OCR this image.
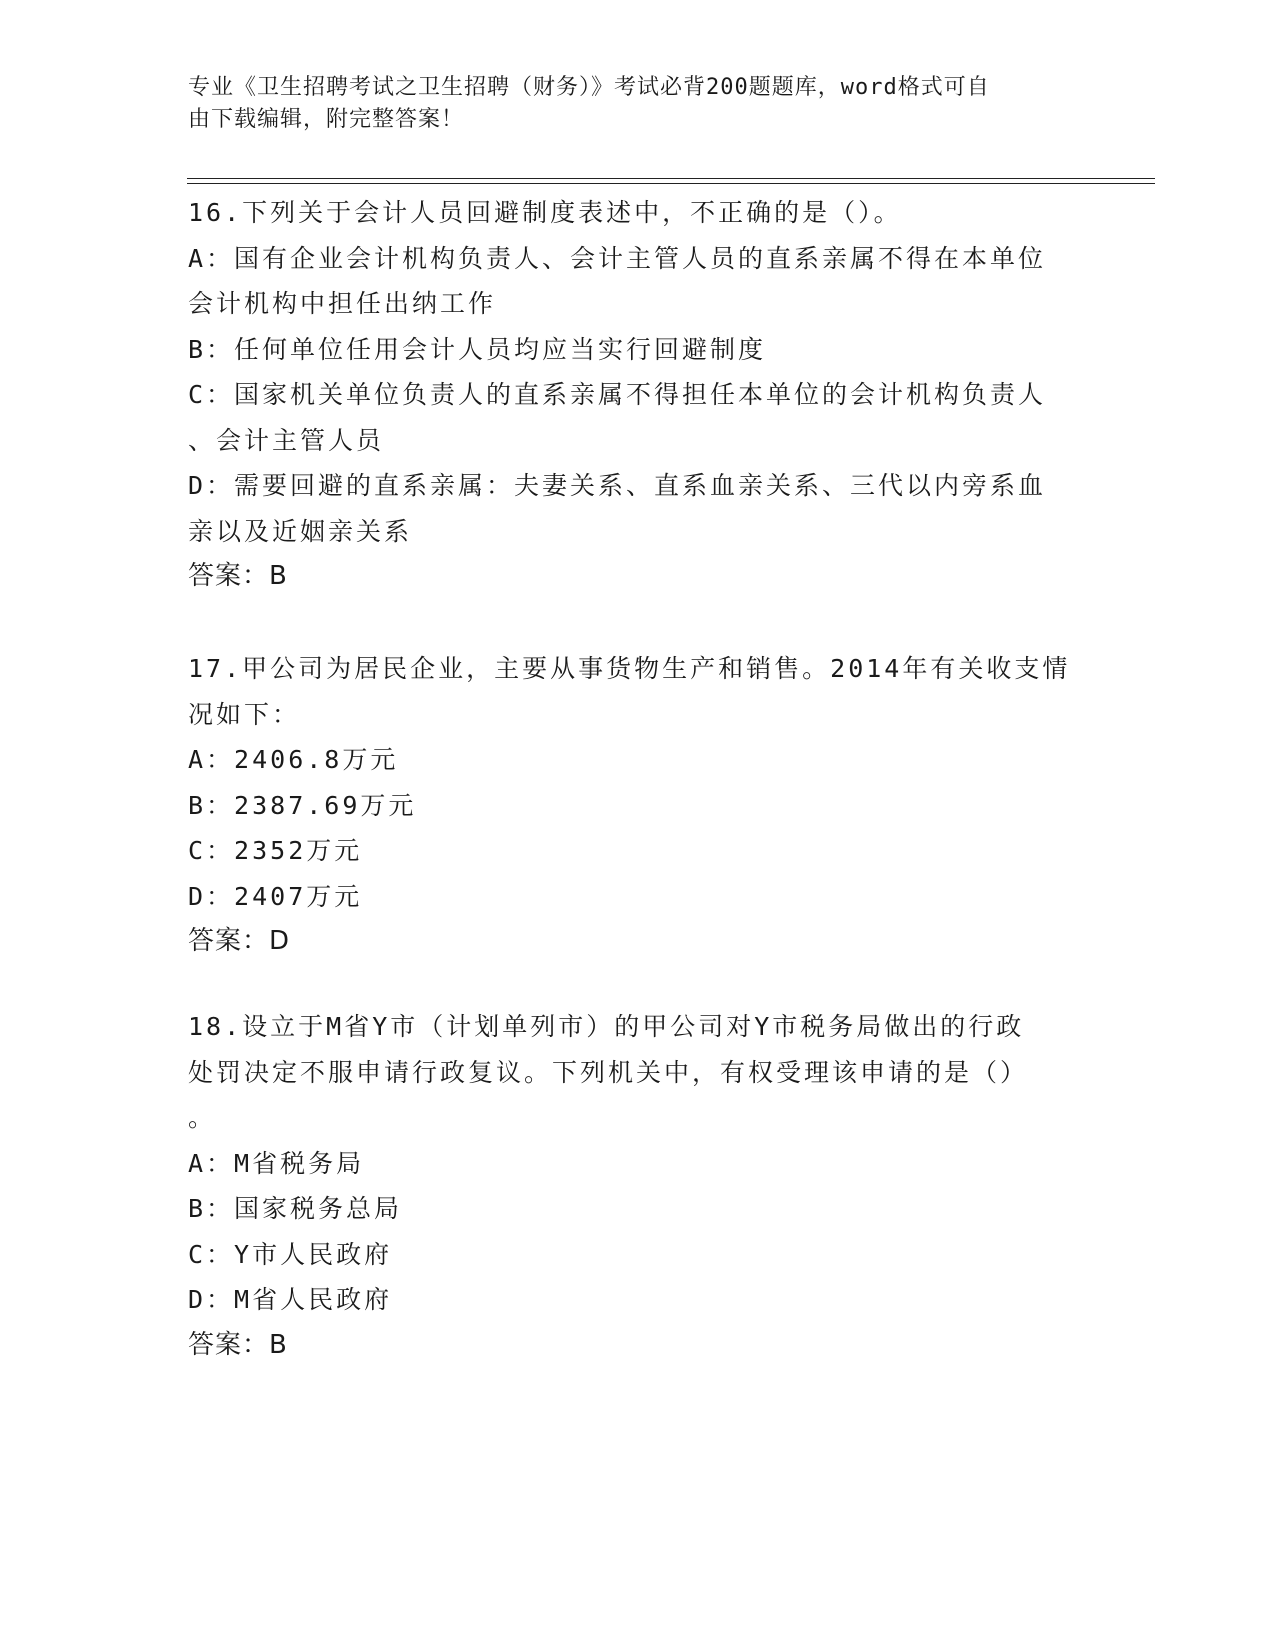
专业《卫生招聘考试之卫生招聘（财务）》考试必背200题题库，word格式可自
由下载编辑，附完整答案！

16.下列关于会计人员回避制度表述中，不正确的是（）。

A：国有企业会计机构负责人、会计主管人员的直系亲属不得在本单位

会计机构中担任出纳工作

B：任何单位任用会计人员均应当实行回避制度

C：国家机关单位负责人的直系亲属不得担任本单位的会计机构负责人

、会计主管人员

D：需要回避的直系亲属：夫妻关系、直系血亲关系、三代以内旁系血

亲以及近姻亲关系

答案：B

17.甲公司为居民企业，主要从事货物生产和销售。2014年有关收支情

况如下：

A：2406.8万元

B：2387.69万元

C：2352万元

D：2407万元

答案：D

18.设立于M省Y市（计划单列市）的甲公司对Y市税务局做出的行政

处罚决定不服申请行政复议。下列机关中，有权受理该申请的是（）

。

A：M省税务局

B：国家税务总局

C：Y市人民政府

D：M省人民政府

答案：B
